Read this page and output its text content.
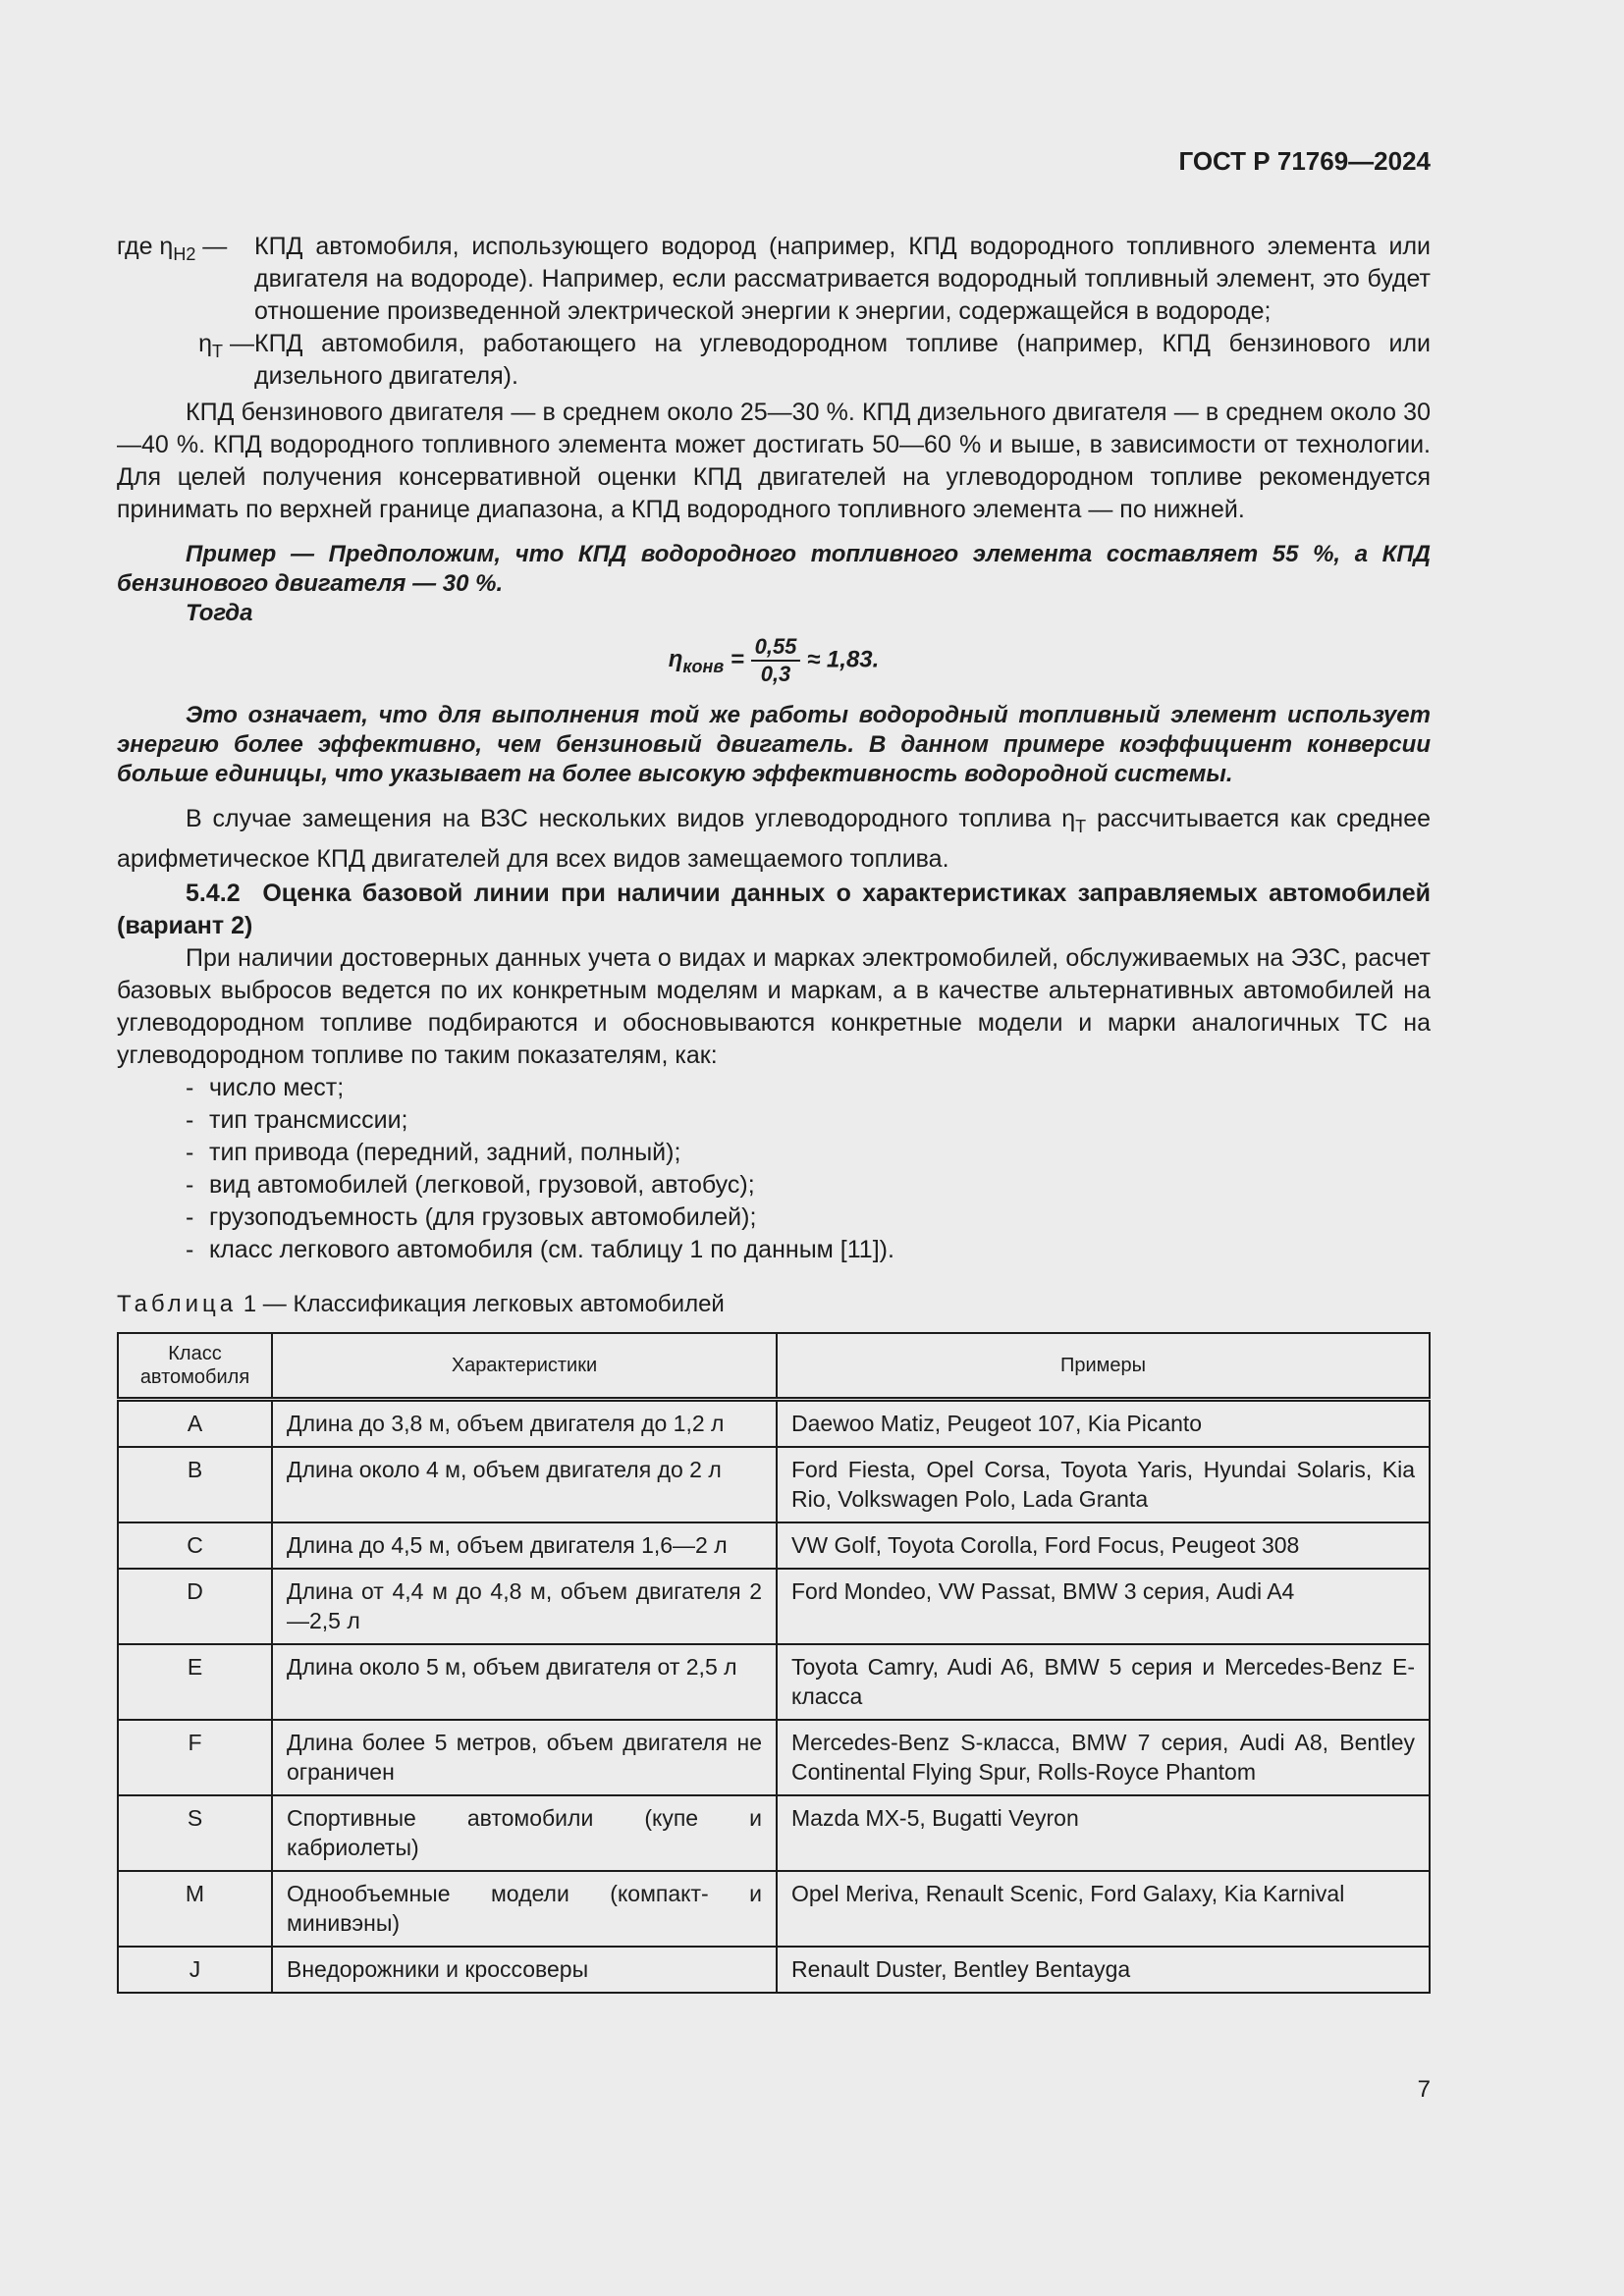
ГОСТ Р 71769—2024
где $\eta_{Н2}$ —	КПД автомобиля, использующего водород (например, КПД водородного топливного элемента или двигателя на водороде). Например, если рассматривается водородный топливный элемент, это будет отношение произведенной электрической энергии к энергии, содержащейся в водороде;
$\eta_Т$ — КПД автомобиля, работающего на углеводородном топливе (например, КПД бензинового или дизельного двигателя).

КПД бензинового двигателя — в среднем около 25—30 %. КПД дизельного двигателя — в среднем около 30—40 %. КПД водородного топливного элемента может достигать 50—60 % и выше, в зависимости от технологии. Для целей получения консервативной оценки КПД двигателей на углеводородном топливе рекомендуется принимать по верхней границе диапазона, а КПД водородного топливного элемента — по нижней.

Пример — Предположим, что КПД водородного топливного элемента составляет 55 %, а КПД бензинового двигателя — 30 %.

Тогда

$\eta_{конв} = \frac{0,55}{0,3} \approx 1,83$.

Это означает, что для выполнения той же работы водородный топливный элемент использует энергию более эффективно, чем бензиновый двигатель. В данном примере коэффициент конверсии больше единицы, что указывает на более высокую эффективность водородной системы.

В случае замещения на ВЗС нескольких видов углеводородного топлива $\eta_Т$ рассчитывается как среднее арифметическое КПД двигателей для всех видов замещаемого топлива.

5.4.2 Оценка базовой линии при наличии данных о характеристиках заправляемых автомобилей (вариант 2)

При наличии достоверных данных учета о видах и марках электромобилей, обслуживаемых на ЭЗС, расчет базовых выбросов ведется по их конкретным моделям и маркам, а в качестве альтернативных автомобилей на углеводородном топливе подбираются и обосновываются конкретные модели и марки аналогичных ТС на углеводородном топливе по таким показателям, как:

- число мест;
- тип трансмиссии;
- тип привода (передний, задний, полный);
- вид автомобилей (легковой, грузовой, автобус);
- грузоподъемность (для грузовых автомобилей);
- класс легкового автомобиля (см. таблицу 1 по данным [11]).
Таблица 1 — Классификация легковых автомобилей
Класс автомобиля	Характеристики	Примеры
A	Длина до 3,8 м, объем двигателя до 1,2 л	Daewoo Matiz, Peugeot 107, Kia Picanto
B	Длина около 4 м, объем двигателя до 2 л	Ford Fiesta, Opel Corsa, Toyota Yaris, Hyundai Solaris, Kia Rio, Volkswagen Polo, Lada Granta
C	Длина до 4,5 м, объем двигателя 1,6—2 л	VW Golf, Toyota Corolla, Ford Focus, Peugeot 308
D	Длина от 4,4 м до 4,8 м, объем двигателя 2—2,5 л	Ford Mondeo, VW Passat, BMW 3 серия, Audi A4
E	Длина около 5 м, объем двигателя от 2,5 л	Toyota Camry, Audi A6, BMW 5 серия и Mercedes-Benz E-класса
F	Длина более 5 метров, объем двигателя не ограничен	Mercedes-Benz S-класса, BMW 7 серия, Audi A8, Bentley Continental Flying Spur, Rolls-Royce Phantom
S	Спортивные автомобили (купе и кабриолеты)	Mazda MX-5, Bugatti Veyron
M	Однообъемные модели (компакт- и минивэны)	Opel Meriva, Renault Scenic, Ford Galaxy, Kia Karnival
J	Внедорожники и кроссоверы	Renault Duster, Bentley Bentayga
7
